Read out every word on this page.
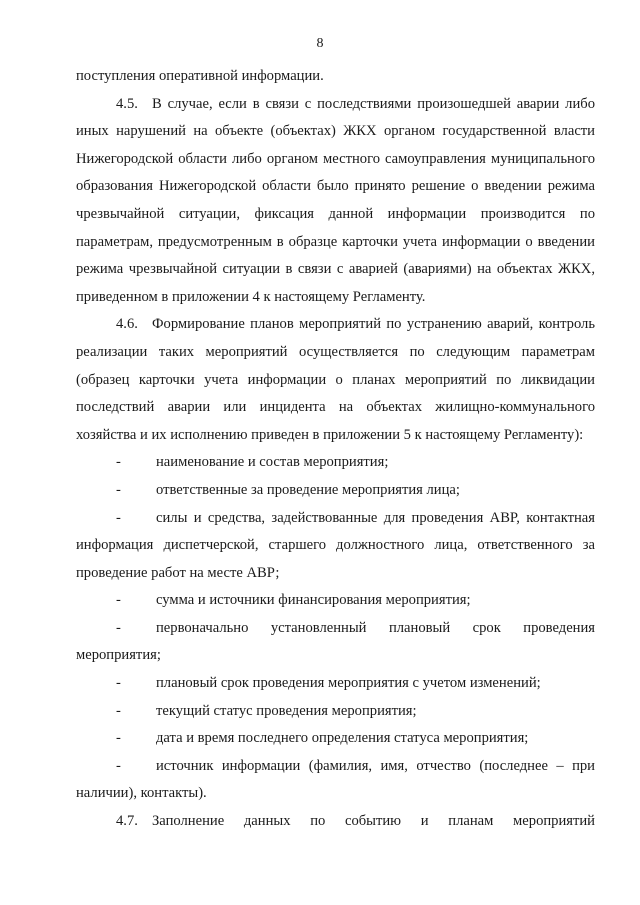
8

поступления оперативной информации.

4.5. В случае, если в связи с последствиями произошедшей аварии либо иных нарушений на объекте (объектах) ЖКХ органом государственной власти Нижегородской области либо органом местного самоуправления муниципального образования Нижегородской области было принято решение о введении режима чрезвычайной ситуации, фиксация данной информации производится по параметрам, предусмотренным в образце карточки учета информации о введении режима чрезвычайной ситуации в связи с аварией (авариями) на объектах ЖКХ, приведенном в приложении 4 к настоящему Регламенту.

4.6. Формирование планов мероприятий по устранению аварий, контроль реализации таких мероприятий осуществляется по следующим параметрам (образец карточки учета информации о планах мероприятий по ликвидации последствий аварии или инцидента на объектах жилищно-коммунального хозяйства и их исполнению приведен в приложении 5 к настоящему Регламенту):

- наименование и состав мероприятия;

- ответственные за проведение мероприятия лица;

- силы и средства, задействованные для проведения АВР, контактная информация диспетчерской, старшего должностного лица, ответственного за проведение работ на месте АВР;

- сумма и источники финансирования мероприятия;

- первоначально установленный плановый срок проведения мероприятия;

- плановый срок проведения мероприятия с учетом изменений;

- текущий статус проведения мероприятия;

- дата и время последнего определения статуса мероприятия;

- источник информации (фамилия, имя, отчество (последнее – при наличии), контакты).

4.7. Заполнение данных по событию и планам мероприятий
